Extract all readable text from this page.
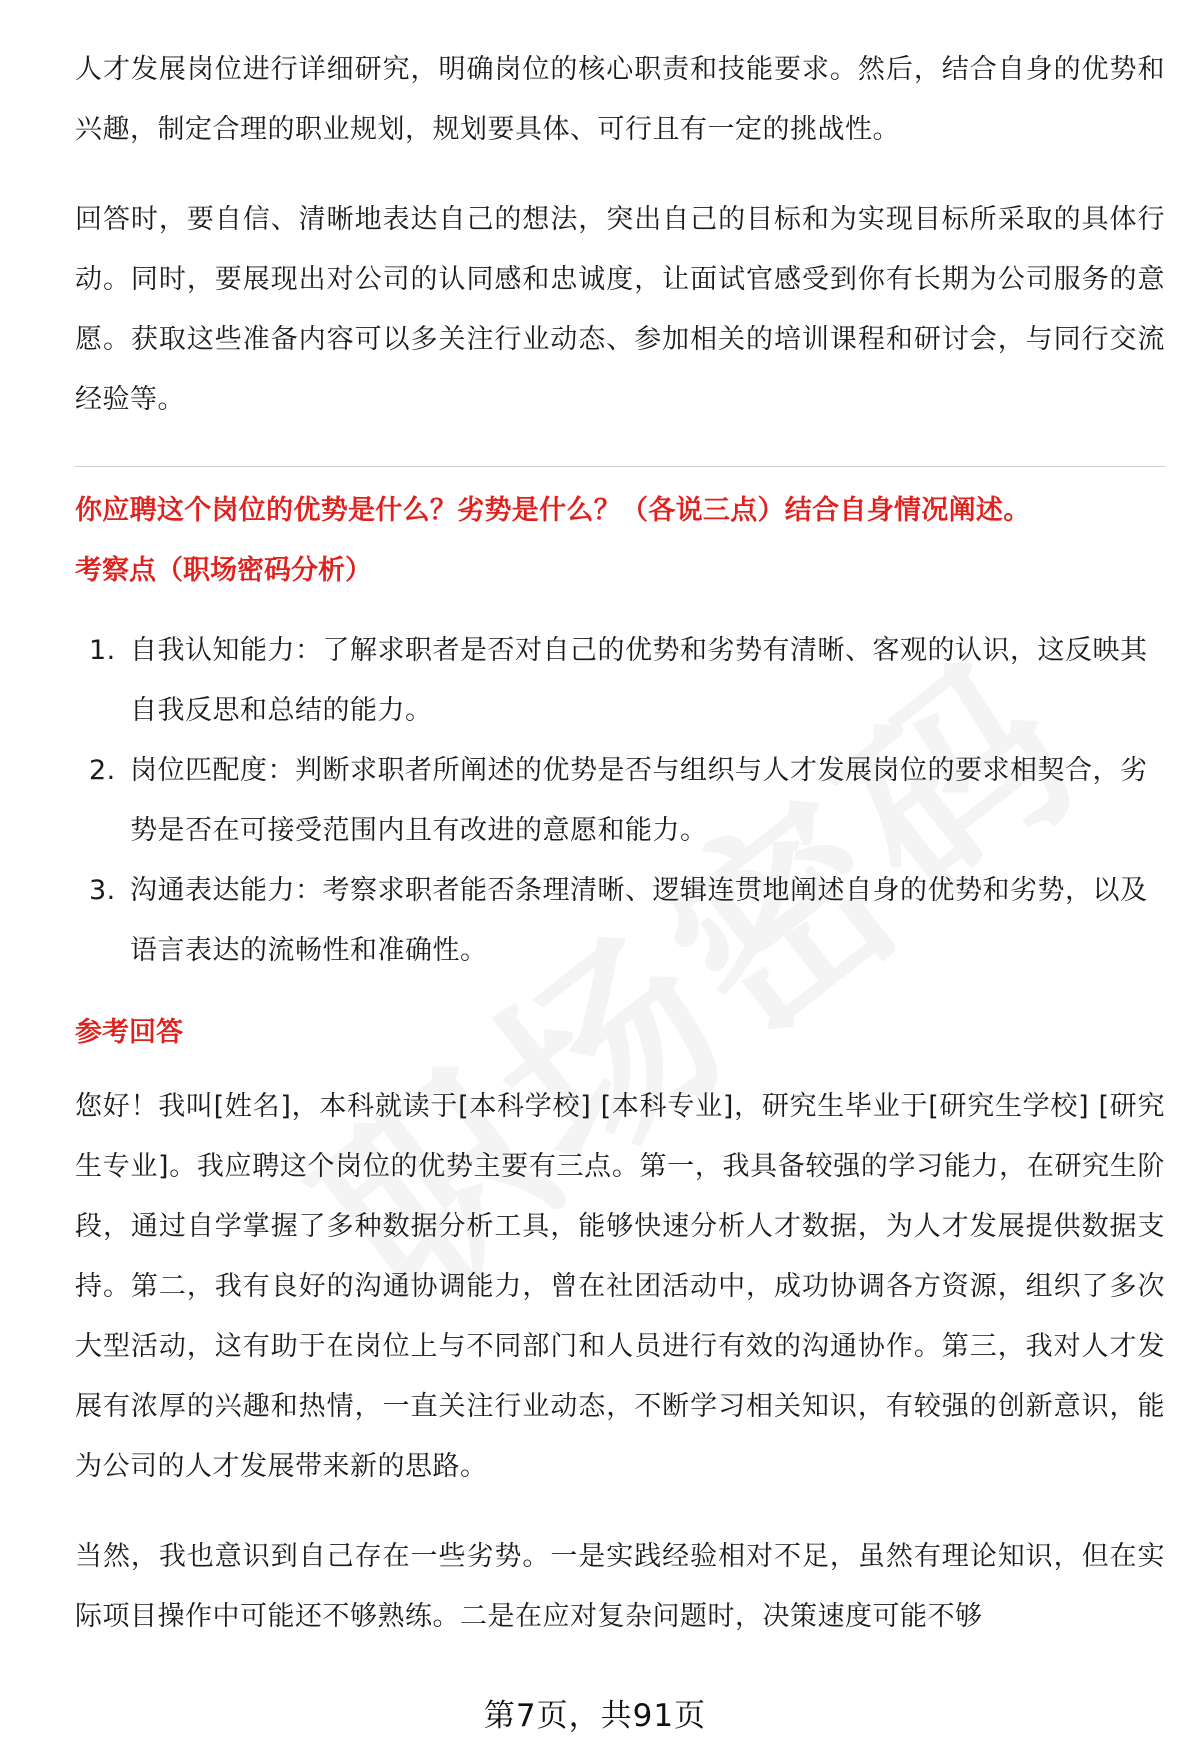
人才发展岗位进行详细研究，明确岗位的核心职责和技能要求。然后，结合自身的优势和兴趣，制定合理的职业规划，规划要具体、可行且有一定的挑战性。

回答时，要自信、清晰地表达自己的想法，突出自己的目标和为实现目标所采取的具体行动。同时，要展现出对公司的认同感和忠诚度，让面试官感受到你有长期为公司服务的意愿。获取这些准备内容可以多关注行业动态、参加相关的培训课程和研讨会，与同行交流经验等。

你应聘这个岗位的优势是什么？劣势是什么？（各说三点）结合自身情况阐述。
考察点（职场密码分析）
1. 自我认知能力：了解求职者是否对自己的优势和劣势有清晰、客观的认识，这反映其自我反思和总结的能力。
2. 岗位匹配度：判断求职者所阐述的优势是否与组织与人才发展岗位的要求相契合，劣势是否在可接受范围内且有改进的意愿和能力。
3. 沟通表达能力：考察求职者能否条理清晰、逻辑连贯地阐述自身的优势和劣势，以及语言表达的流畅性和准确性。
参考回答

您好！我叫[姓名]，本科就读于[本科学校] [本科专业]，研究生毕业于[研究生学校] [研究生专业]。我应聘这个岗位的优势主要有三点。第一，我具备较强的学习能力，在研究生阶段，通过自学掌握了多种数据分析工具，能够快速分析人才数据，为人才发展提供数据支持。第二，我有良好的沟通协调能力，曾在社团活动中，成功协调各方资源，组织了多次大型活动，这有助于在岗位上与不同部门和人员进行有效的沟通协作。第三，我对人才发展有浓厚的兴趣和热情，一直关注行业动态，不断学习相关知识，有较强的创新意识，能为公司的人才发展带来新的思路。

当然，我也意识到自己存在一些劣势。一是实践经验相对不足，虽然有理论知识，但在实际项目操作中可能还不够熟练。二是在应对复杂问题时，决策速度可能不够

第7页，共91页
